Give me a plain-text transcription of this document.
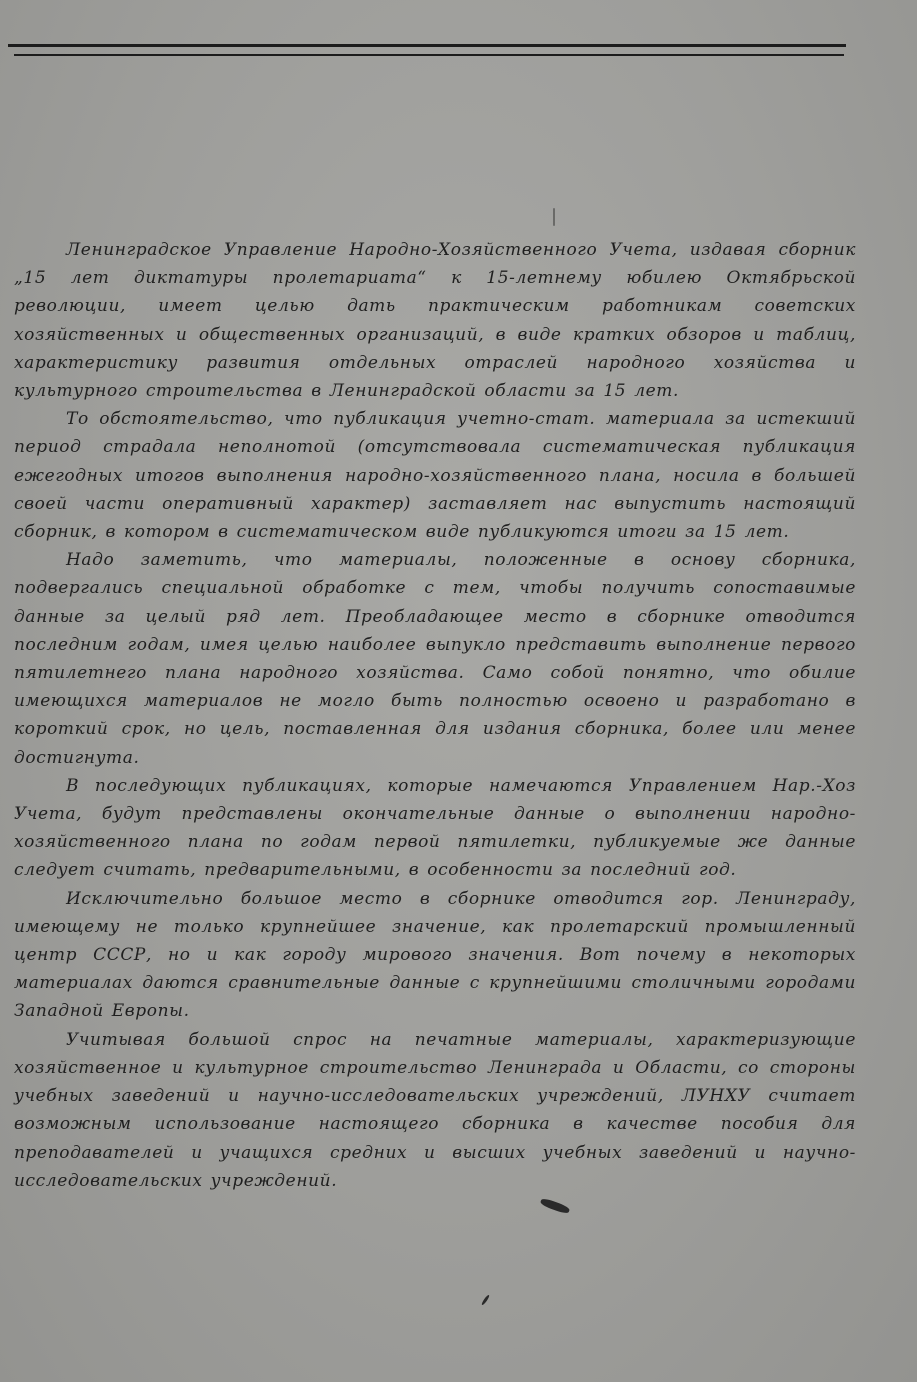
Ленинградское Управление Народно-Хозяйственного Учета, издавая сборник „15 лет диктатуры пролетариата“ к 15-летнему юбилею Октябрьской революции, имеет целью дать практическим работникам советских хозяйственных и общественных организаций, в виде кратких обзоров и таблиц, характеристику развития отдельных отраслей народного хозяйства и культурного строительства в Ленинградской области за 15 лет.

То обстоятельство, что публикация учетно-стат. материала за истекший период страдала неполнотой (отсутствовала систематическая публикация ежегодных итогов выполнения народно-хозяйственного плана, носила в большей своей части оперативный характер) заставляет нас выпустить настоящий сборник, в котором в систематическом виде публикуются итоги за 15 лет.

Надо заметить, что материалы, положенные в основу сборника, подвергались специальной обработке с тем, чтобы получить сопоставимые данные за целый ряд лет. Преобладающее место в сборнике отводится последним годам, имея целью наиболее выпукло представить выполнение первого пятилетнего плана народного хозяйства. Само собой понятно, что обилие имеющихся материалов не могло быть полностью освоено и разработано в короткий срок, но цель, поставленная для издания сборника, более или менее достигнута.

В последующих публикациях, которые намечаются Управлением Нар.-Хоз Учета, будут представлены окончательные данные о выполнении народно-хозяйственного плана по годам первой пятилетки, публикуемые же данные следует считать, предварительными, в особенности за последний год.

Исключительно большое место в сборнике отводится гор. Ленинграду, имеющему не только крупнейшее значение, как пролетарский промышленный центр СССР, но и как городу мирового значения. Вот почему в некоторых материалах даются сравнительные данные с крупнейшими столичными городами Западной Европы.

Учитывая большой спрос на печатные материалы, характеризующие хозяйственное и культурное строительство Ленинграда и Области, со стороны учебных заведений и научно-исследовательских учреждений, ЛУНХУ считает возможным использование настоящего сборника в качестве пособия для преподавателей и учащихся средних и высших учебных заведений и научно-исследовательских учреждений.
